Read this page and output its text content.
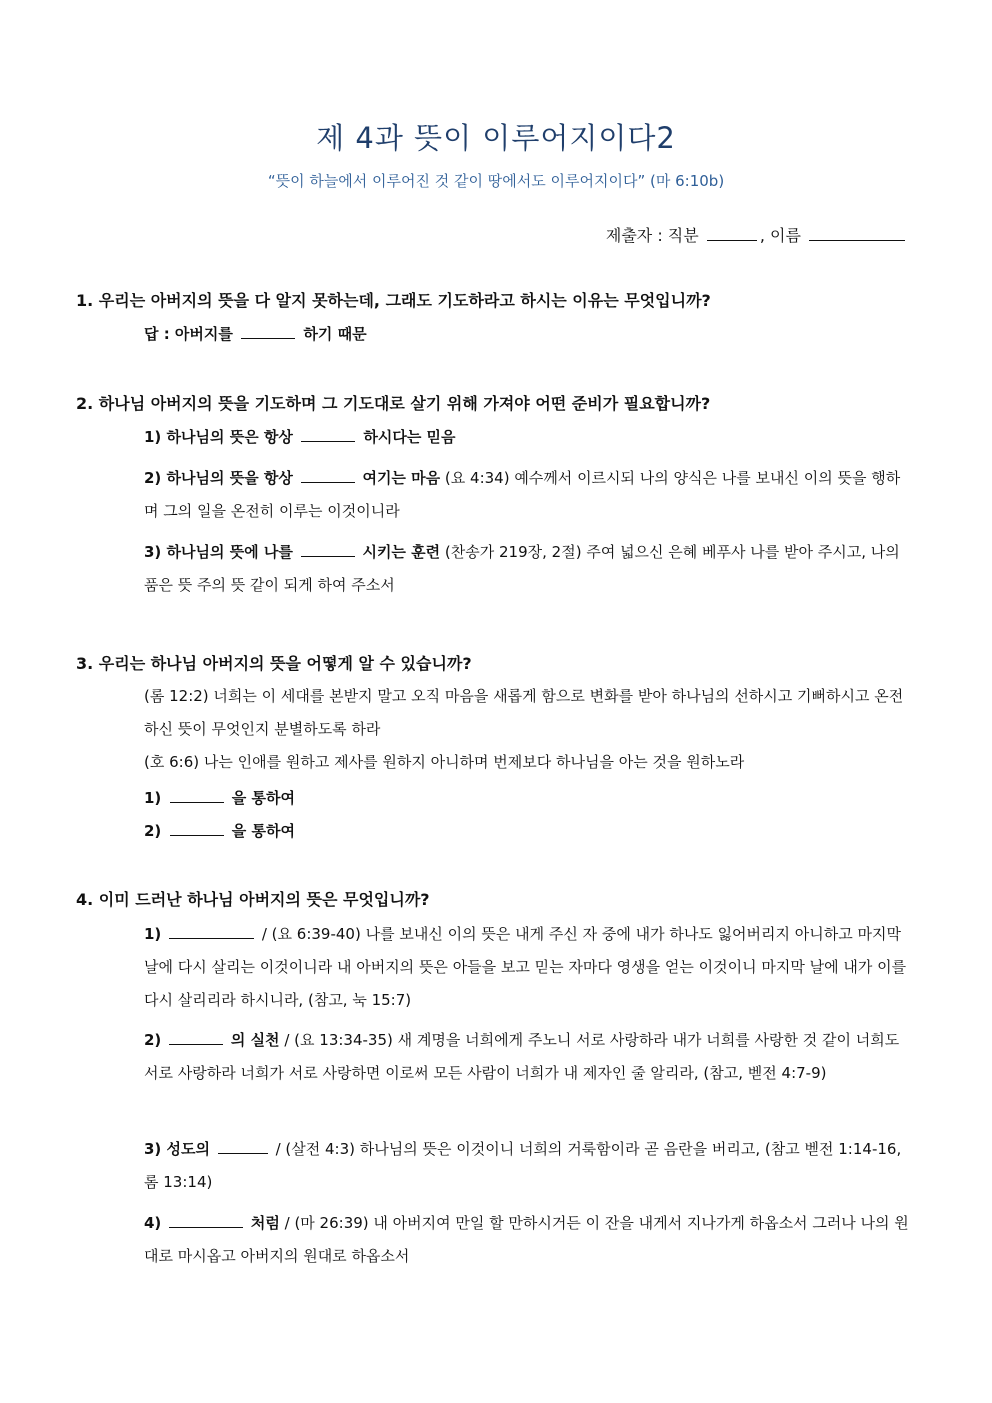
제 4과 뜻이 이루어지이다2
“뜻이 하늘에서 이루어진 것 같이 땅에서도 이루어지이다” (마 6:10b)
제출자 : 직분	, 이름
1. 우리는 아버지의 뜻을 다 알지 못하는데, 그래도 기도하라고 하시는 이유는 무엇입니까?
답 : 아버지를	하기 때문
2. 하나님 아버지의 뜻을 기도하며 그 기도대로 살기 위해 가져야 어떤 준비가 필요합니까?
1) 하나님의 뜻은 항상	하시다는 믿음
2) 하나님의 뜻을 항상	여기는 마음 (요 4:34) 예수께서 이르시되 나의 양식은 나를 보내신 이의 뜻을 행하며 그의 일을 온전히 이루는 이것이니라
3) 하나님의 뜻에 나를	시키는 훈련 (찬송가 219장, 2절) 주여 넓으신 은혜 베푸사 나를 받아 주시고, 나의 품은 뜻 주의 뜻 같이 되게 하여 주소서
3. 우리는 하나님 아버지의 뜻을 어떻게 알 수 있습니까?
(롬 12:2) 너희는 이 세대를 본받지 말고 오직 마음을 새롭게 함으로 변화를 받아 하나님의 선하시고 기뻐하시고 온전하신 뜻이 무엇인지 분별하도록 하라
(호 6:6) 나는 인애를 원하고 제사를 원하지 아니하며 번제보다 하나님을 아는 것을 원하노라
1)	을 통하여
2)	을 통하여
4. 이미 드러난 하나님 아버지의 뜻은 무엇입니까?
1)	/ (요 6:39-40) 나를 보내신 이의 뜻은 내게 주신 자 중에 내가 하나도 잃어버리지 아니하고 마지막 날에 다시 살리는 이것이니라 내 아버지의 뜻은 아들을 보고 믿는 자마다 영생을 얻는 이것이니 마지막 날에 내가 이를 다시 살리리라 하시니라, (참고, 눅 15:7)
2)	의 실천 / (요 13:34-35) 새 계명을 너희에게 주노니 서로 사랑하라 내가 너희를 사랑한 것 같이 너희도 서로 사랑하라 너희가 서로 사랑하면 이로써 모든 사람이 너희가 내 제자인 줄 알리라, (참고, 벧전 4:7-9)
3) 성도의	/ (살전 4:3) 하나님의 뜻은 이것이니 너희의 거룩함이라 곧 음란을 버리고, (참고 벧전 1:14-16, 롬 13:14)
4)	처럼 / (마 26:39) 내 아버지여 만일 할 만하시거든 이 잔을 내게서 지나가게 하옵소서 그러나 나의 원대로 마시옵고 아버지의 원대로 하옵소서
